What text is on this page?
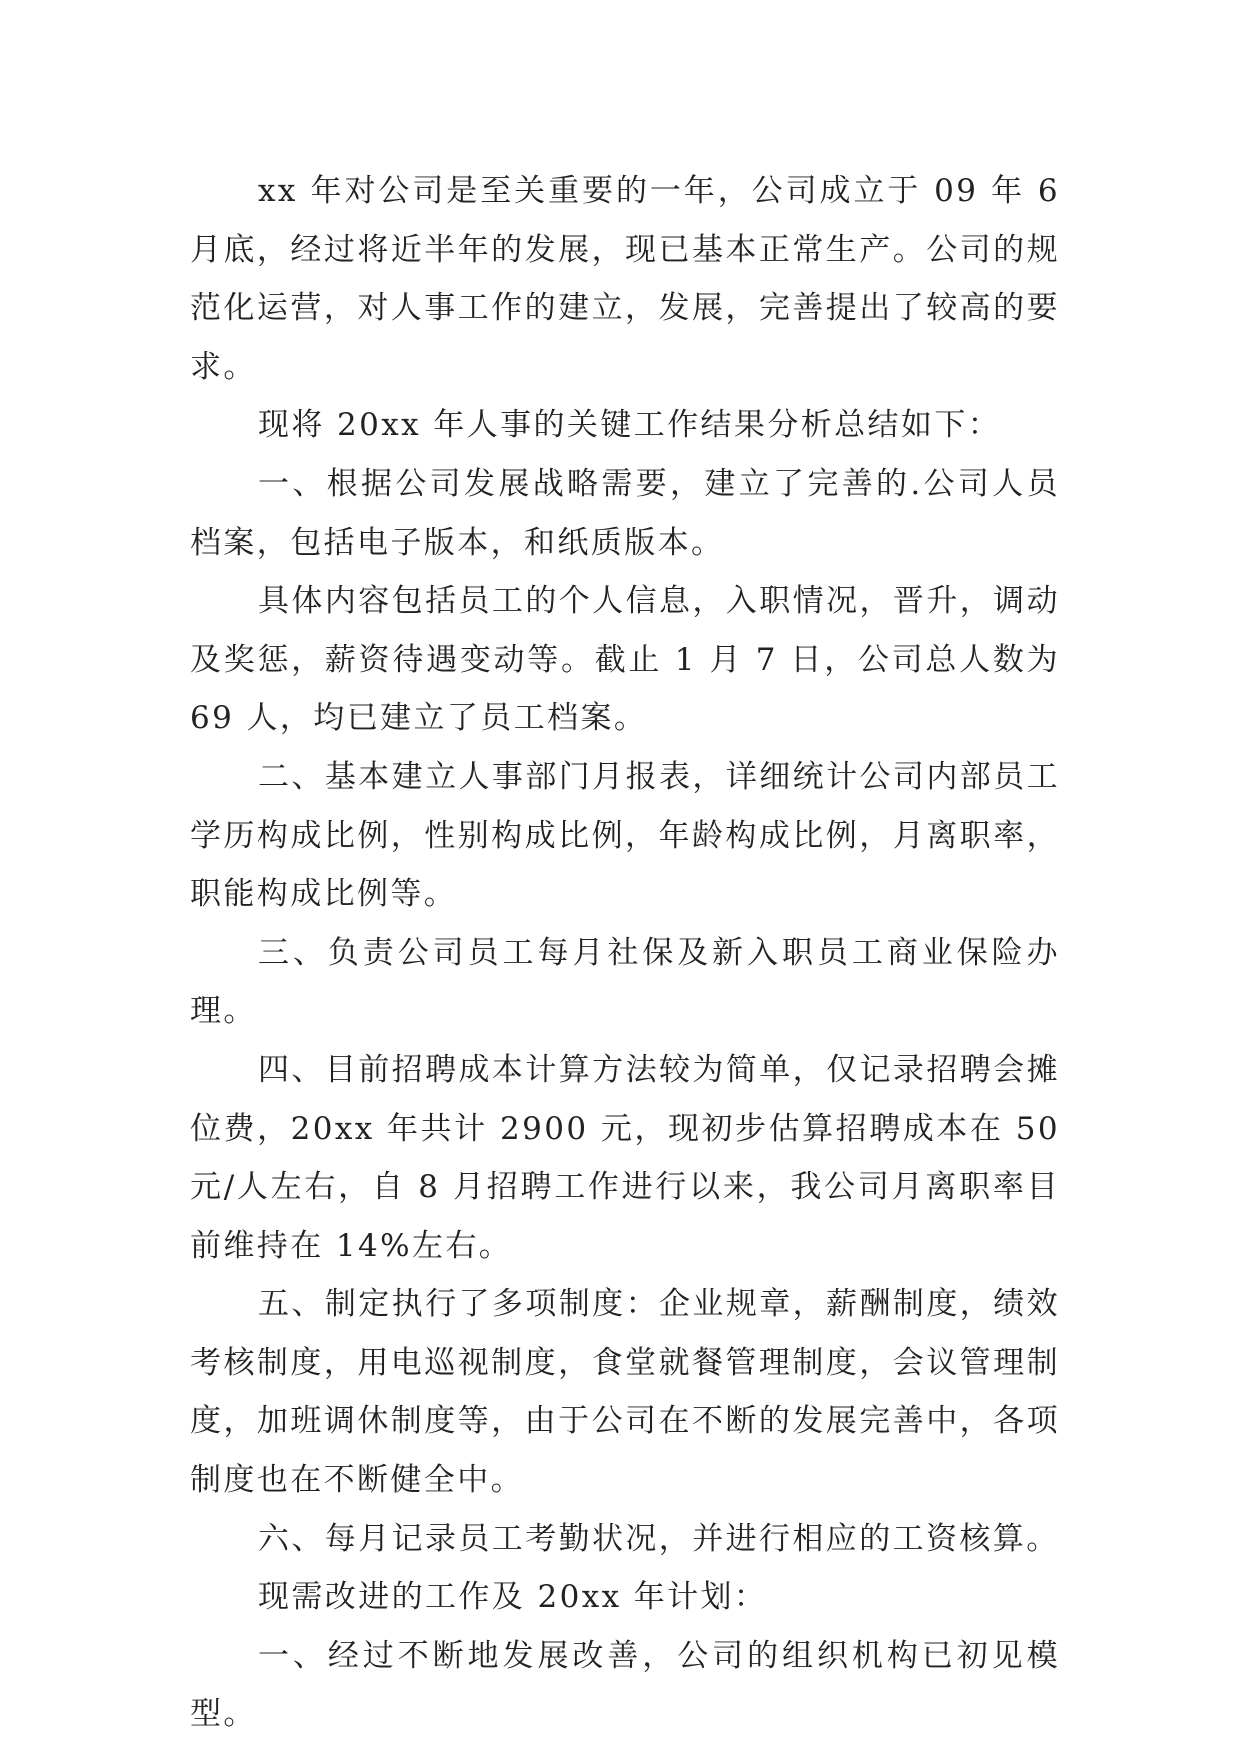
xx 年对公司是至关重要的一年，公司成立于 09 年 6 月底，经过将近半年的发展，现已基本正常生产。公司的规范化运营，对人事工作的建立，发展，完善提出了较高的要求。

现将 20xx 年人事的关键工作结果分析总结如下：

一、根据公司发展战略需要，建立了完善的.公司人员档案，包括电子版本，和纸质版本。

具体内容包括员工的个人信息，入职情况，晋升，调动及奖惩，薪资待遇变动等。截止 1 月 7 日，公司总人数为 69 人，均已建立了员工档案。

二、基本建立人事部门月报表，详细统计公司内部员工学历构成比例，性别构成比例，年龄构成比例，月离职率，职能构成比例等。

三、负责公司员工每月社保及新入职员工商业保险办理。

四、目前招聘成本计算方法较为简单，仅记录招聘会摊位费，20xx 年共计 2900 元，现初步估算招聘成本在 50 元/人左右，自 8 月招聘工作进行以来，我公司月离职率目前维持在 14%左右。

五、制定执行了多项制度：企业规章，薪酬制度，绩效考核制度，用电巡视制度，食堂就餐管理制度，会议管理制度，加班调休制度等，由于公司在不断的发展完善中，各项制度也在不断健全中。

六、每月记录员工考勤状况，并进行相应的工资核算。

现需改进的工作及 20xx 年计划：

一、经过不断地发展改善，公司的组织机构已初见模型。
